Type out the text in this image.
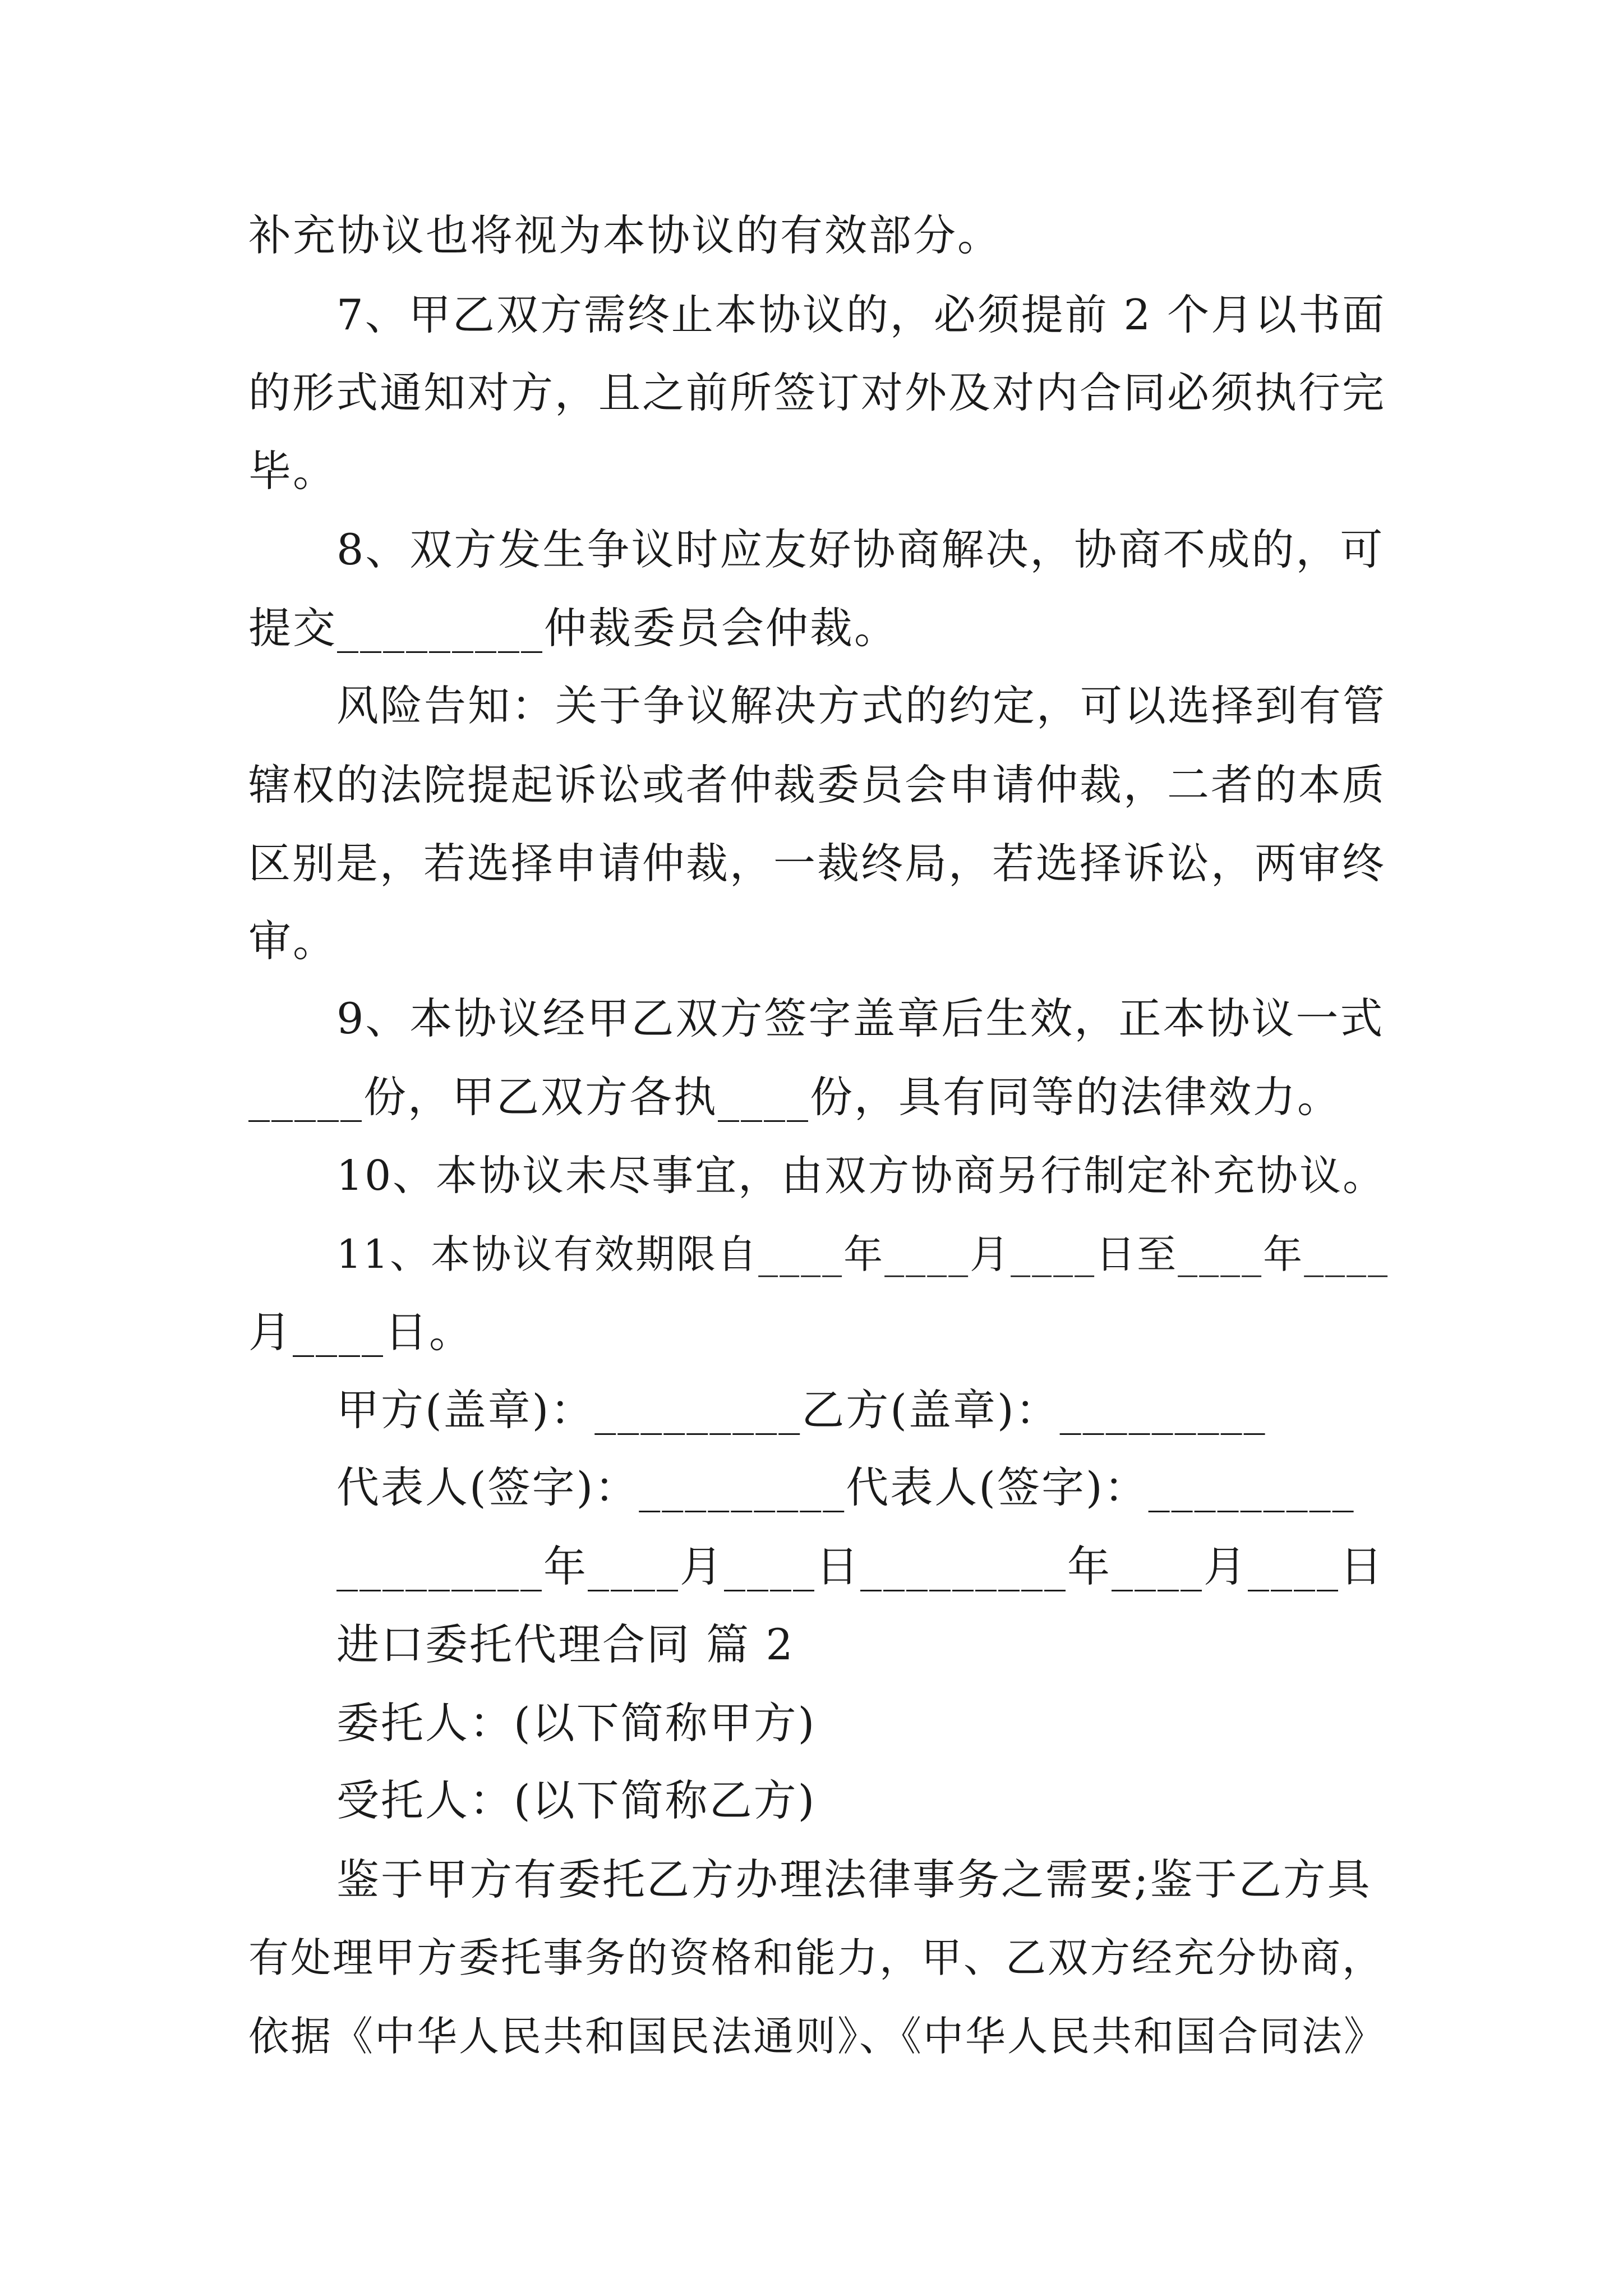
补充协议也将视为本协议的有效部分。
7、甲乙双方需终止本协议的，必须提前 2 个月以书面
的形式通知对方，且之前所签订对外及对内合同必须执行完
毕。
8、双方发生争议时应友好协商解决，协商不成的，可
提交_________仲裁委员会仲裁。
风险告知：关于争议解决方式的约定，可以选择到有管
辖权的法院提起诉讼或者仲裁委员会申请仲裁，二者的本质
区别是，若选择申请仲裁，一裁终局，若选择诉讼，两审终
审。
9、本协议经甲乙双方签字盖章后生效，正本协议一式
_____份，甲乙双方各执____份，具有同等的法律效力。
10、本协议未尽事宜，由双方协商另行制定补充协议。
11、本协议有效期限自____年____月____日至____年____
月____日。
甲方(盖章)：_________乙方(盖章)：_________
代表人(签字)：_________代表人(签字)：_________
_________年____月____日_________年____月____日
进口委托代理合同 篇 2
委托人：(以下简称甲方)
受托人：(以下简称乙方)
鉴于甲方有委托乙方办理法律事务之需要;鉴于乙方具
有处理甲方委托事务的资格和能力，甲、乙双方经充分协商，
依据《中华人民共和国民法通则》、《中华人民共和国合同法》
